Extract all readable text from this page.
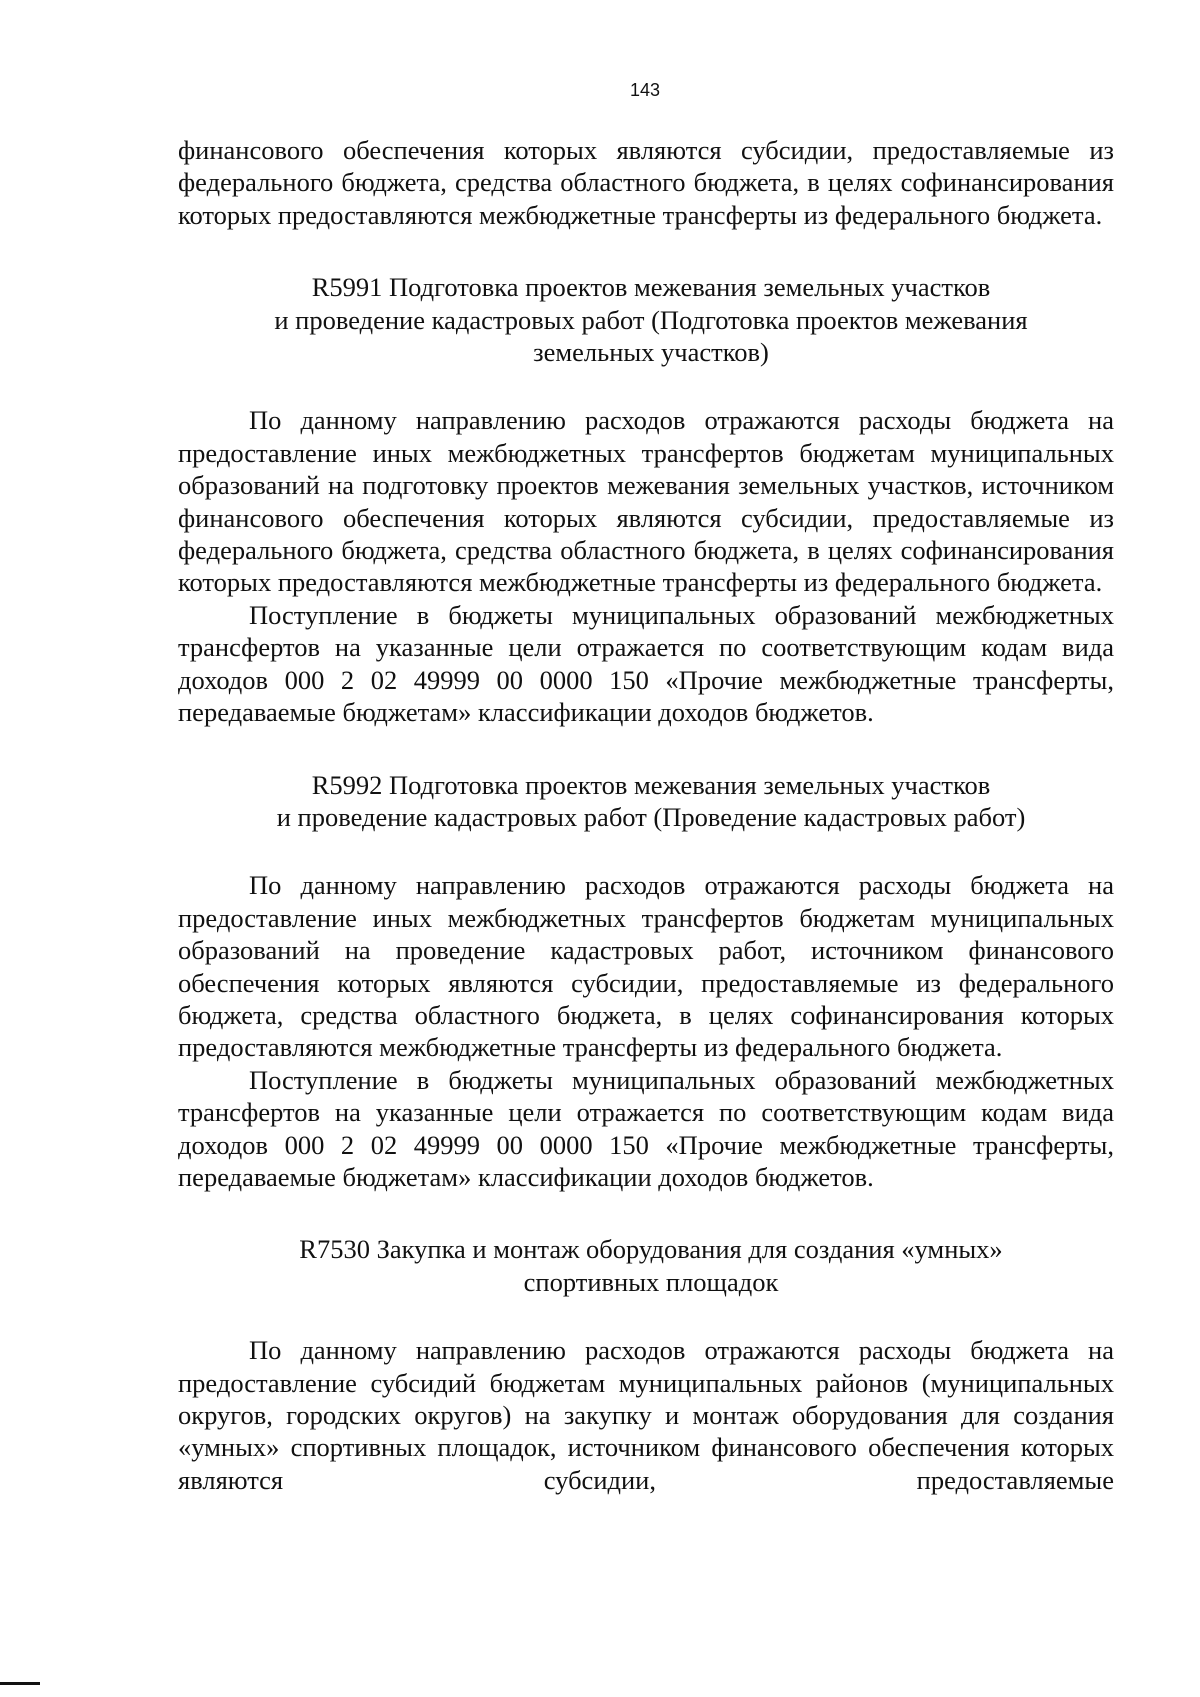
143

финансового обеспечения которых являются субсидии, предоставляемые из федерального бюджета, средства областного бюджета, в целях софинансирования которых предоставляются межбюджетные трансферты из федерального бюджета.

R5991 Подготовка проектов межевания земельных участков
и проведение кадастровых работ (Подготовка проектов межевания
земельных участков)

По данному направлению расходов отражаются расходы бюджета на предоставление иных межбюджетных трансфертов бюджетам муниципальных образований на подготовку проектов межевания земельных участков, источником финансового обеспечения которых являются субсидии, предоставляемые из федерального бюджета, средства областного бюджета, в целях софинансирования которых предоставляются межбюджетные трансферты из федерального бюджета.

Поступление в бюджеты муниципальных образований межбюджетных трансфертов на указанные цели отражается по соответствующим кодам вида доходов 000 2 02 49999 00 0000 150 «Прочие межбюджетные трансферты, передаваемые бюджетам» классификации доходов бюджетов.

R5992 Подготовка проектов межевания земельных участков
и проведение кадастровых работ (Проведение кадастровых работ)

По данному направлению расходов отражаются расходы бюджета на предоставление иных межбюджетных трансфертов бюджетам муниципальных образований на проведение кадастровых работ, источником финансового обеспечения которых являются субсидии, предоставляемые из федерального бюджета, средства областного бюджета, в целях софинансирования которых предоставляются межбюджетные трансферты из федерального бюджета.

Поступление в бюджеты муниципальных образований межбюджетных трансфертов на указанные цели отражается по соответствующим кодам вида доходов 000 2 02 49999 00 0000 150 «Прочие межбюджетные трансферты, передаваемые бюджетам» классификации доходов бюджетов.

R7530 Закупка и монтаж оборудования для создания «умных»
спортивных площадок

По данному направлению расходов отражаются расходы бюджета на предоставление субсидий бюджетам муниципальных районов (муниципальных округов, городских округов) на закупку и монтаж оборудования для создания «умных» спортивных площадок, источником финансового обеспечения которых являются субсидии, предоставляемые
